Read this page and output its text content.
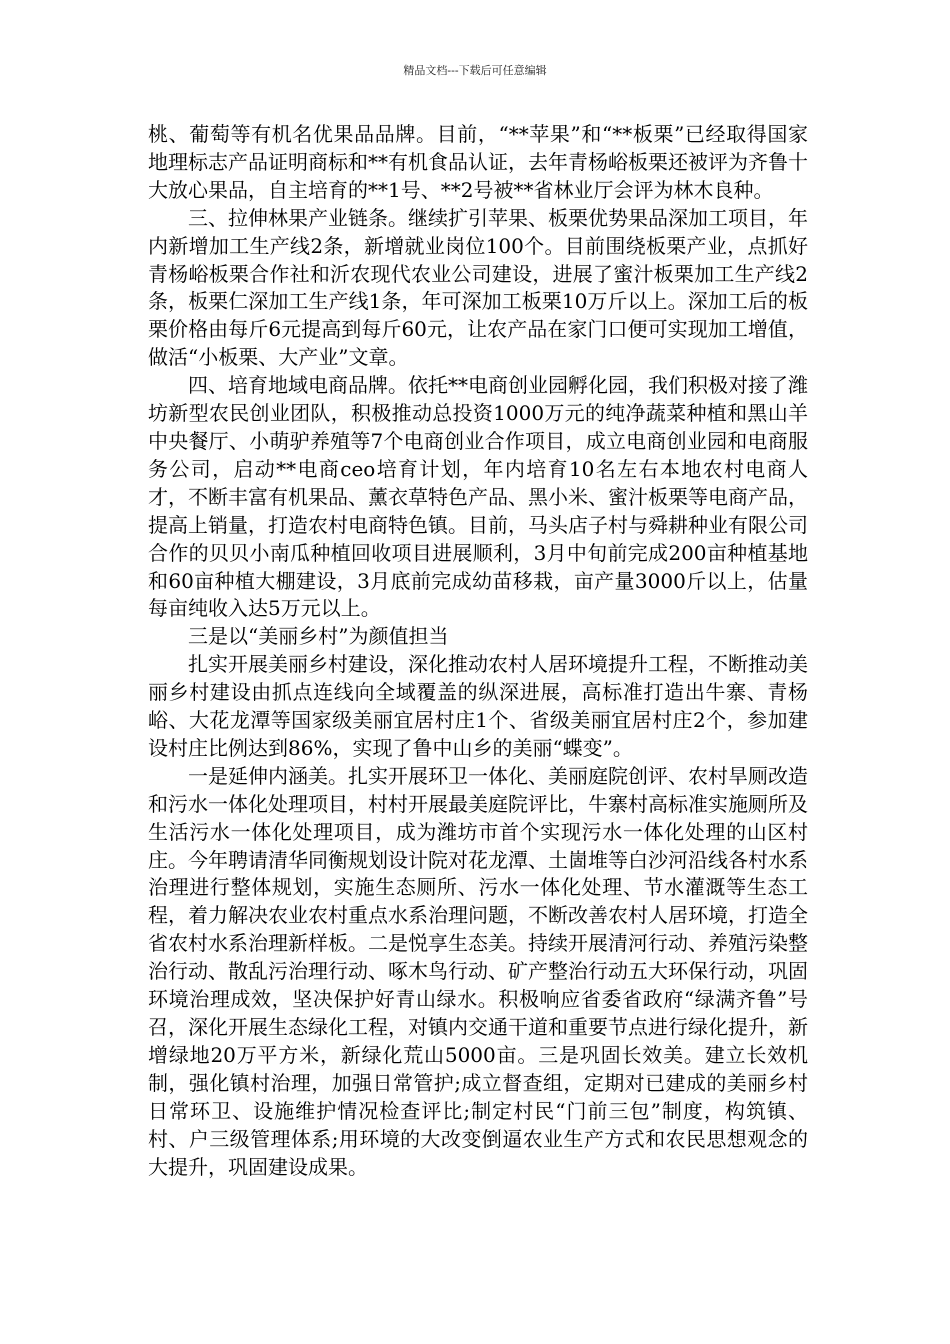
精品文档---下载后可任意编辑

桃、葡萄等有机名优果品品牌。目前，“**苹果”和“**板栗”已经取得国家地理标志产品证明商标和**有机食品认证，去年青杨峪板栗还被评为齐鲁十大放心果品，自主培育的**1号、**2号被**省林业厅会评为林木良种。

三、拉伸林果产业链条。继续扩引苹果、板栗优势果品深加工项目，年内新增加工生产线2条，新增就业岗位100个。目前围绕板栗产业，点抓好青杨峪板栗合作社和沂农现代农业公司建设，进展了蜜汁板栗加工生产线2条，板栗仁深加工生产线1条，年可深加工板栗10万斤以上。深加工后的板栗价格由每斤6元提高到每斤60元，让农产品在家门口便可实现加工增值，做活“小板栗、大产业”文章。

四、培育地域电商品牌。依托**电商创业园孵化园，我们积极对接了潍坊新型农民创业团队，积极推动总投资1000万元的纯净蔬菜种植和黑山羊中央餐厅、小萌驴养殖等7个电商创业合作项目，成立电商创业园和电商服务公司，启动**电商ceo培育计划，年内培育10名左右本地农村电商人才，不断丰富有机果品、薰衣草特色产品、黑小米、蜜汁板栗等电商产品，提高上销量，打造农村电商特色镇。目前，马头店子村与舜耕种业有限公司合作的贝贝小南瓜种植回收项目进展顺利，3月中旬前完成200亩种植基地和60亩种植大棚建设，3月底前完成幼苗移栽，亩产量3000斤以上，估量每亩纯收入达5万元以上。

三是以“美丽乡村”为颜值担当

扎实开展美丽乡村建设，深化推动农村人居环境提升工程，不断推动美丽乡村建设由抓点连线向全域覆盖的纵深进展，高标准打造出牛寨、青杨峪、大花龙潭等国家级美丽宜居村庄1个、省级美丽宜居村庄2个，参加建设村庄比例达到86%，实现了鲁中山乡的美丽“蝶变”。

一是延伸内涵美。扎实开展环卫一体化、美丽庭院创评、农村旱厕改造和污水一体化处理项目，村村开展最美庭院评比，牛寨村高标准实施厕所及生活污水一体化处理项目，成为潍坊市首个实现污水一体化处理的山区村庄。今年聘请清华同衡规划设计院对花龙潭、土崮堆等白沙河沿线各村水系治理进行整体规划，实施生态厕所、污水一体化处理、节水灌溉等生态工程，着力解决农业农村重点水系治理问题，不断改善农村人居环境，打造全省农村水系治理新样板。二是悦享生态美。持续开展清河行动、养殖污染整治行动、散乱污治理行动、啄木鸟行动、矿产整治行动五大环保行动，巩固环境治理成效，坚决保护好青山绿水。积极响应省委省政府“绿满齐鲁”号召，深化开展生态绿化工程，对镇内交通干道和重要节点进行绿化提升，新增绿地20万平方米，新绿化荒山5000亩。三是巩固长效美。建立长效机制，强化镇村治理，加强日常管护;成立督查组，定期对已建成的美丽乡村日常环卫、设施维护情况检查评比;制定村民“门前三包”制度，构筑镇、村、户三级管理体系;用环境的大改变倒逼农业生产方式和农民思想观念的大提升，巩固建设成果。
